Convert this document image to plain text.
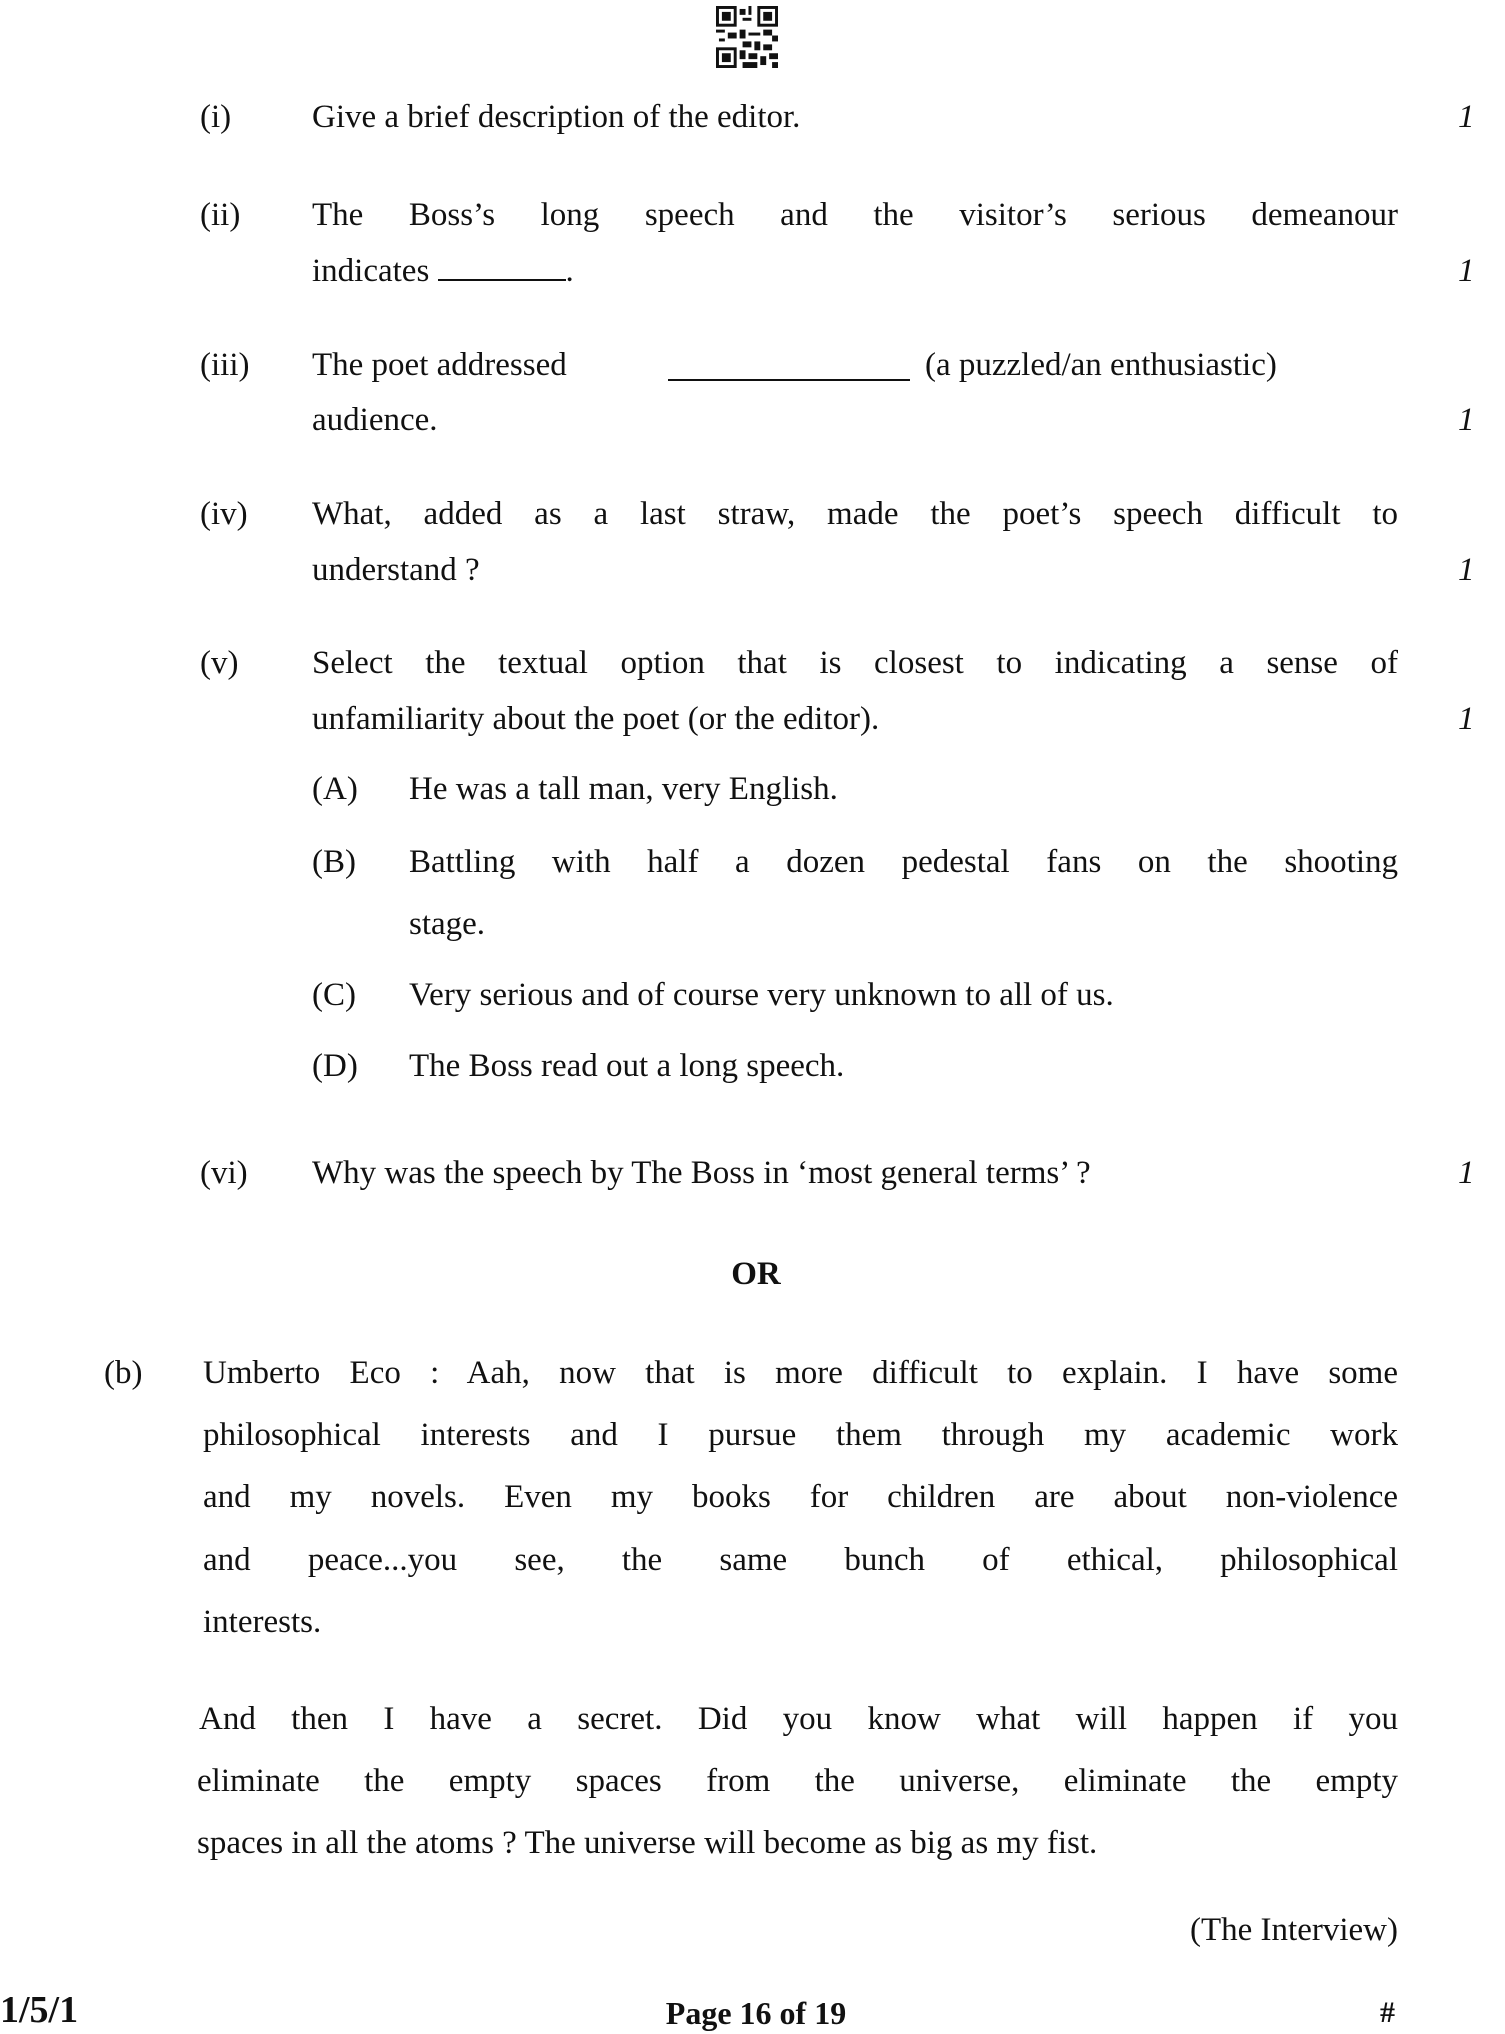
(i) Give a brief description of the editor.	1
(ii) The Boss’s long speech and the visitor’s serious demeanour
indicates	.	1
(iii) The poet addressed	(a puzzled/an enthusiastic)
audience.	1
(iv) What, added as a last straw, made the poet’s speech difficult to
understand ?	1
(v) Select the textual option that is closest to indicating a sense of
unfamiliarity about the poet (or the editor).	1
(A) He was a tall man, very English.
(B) Battling with half a dozen pedestal fans on the shooting
stage.
(C) Very serious and of course very unknown to all of us.
(D) The Boss read out a long speech.
(vi) Why was the speech by The Boss in ‘most general terms’ ?	1
OR
(b) Umberto Eco : Aah, now that is more difficult to explain. I have some
philosophical interests and I pursue them through my academic work
and my novels. Even my books for children are about non-violence
and peace...you see, the same bunch of ethical, philosophical
interests.
And then I have a secret. Did you know what will happen if you
eliminate the empty spaces from the universe, eliminate the empty
spaces in all the atoms ? The universe will become as big as my fist.
(The Interview)
1/5/1	Page 16 of 19	#
